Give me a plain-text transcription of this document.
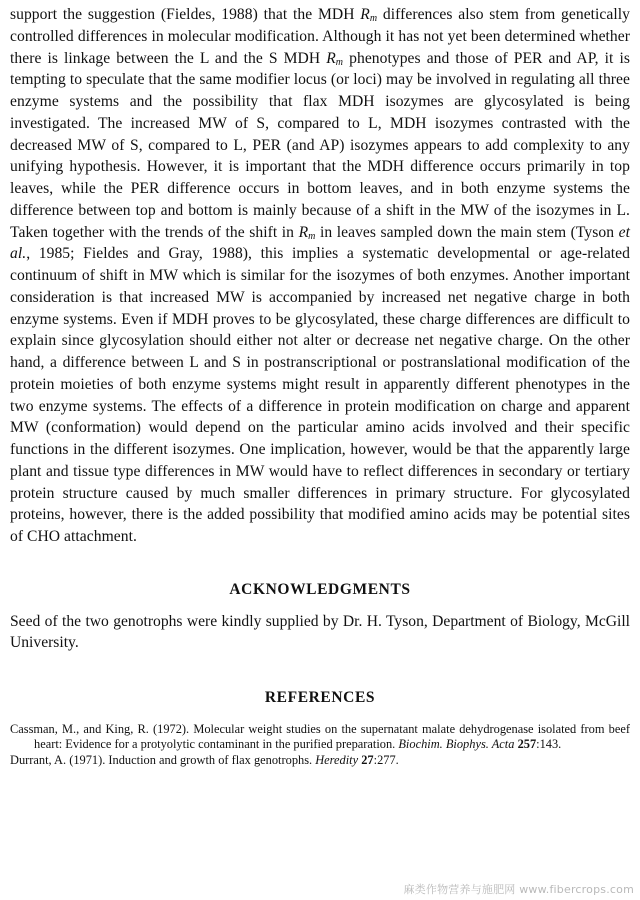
support the suggestion (Fieldes, 1988) that the MDH $R_m$ differences also stem from genetically controlled differences in molecular modification. Although it has not yet been determined whether there is linkage between the L and the S MDH $R_m$ phenotypes and those of PER and AP, it is tempting to speculate that the same modifier locus (or loci) may be involved in regulating all three enzyme systems and the possibility that flax MDH isozymes are glycosylated is being investigated. The increased MW of S, compared to L, MDH isozymes contrasted with the decreased MW of S, compared to L, PER (and AP) isozymes appears to add complexity to any unifying hypothesis. However, it is important that the MDH difference occurs primarily in top leaves, while the PER difference occurs in bottom leaves, and in both enzyme systems the difference between top and bottom is mainly because of a shift in the MW of the isozymes in L. Taken together with the trends of the shift in $R_m$ in leaves sampled down the main stem (Tyson et al., 1985; Fieldes and Gray, 1988), this implies a systematic developmental or age-related continuum of shift in MW which is similar for the isozymes of both enzymes. Another important consideration is that increased MW is accompanied by increased net negative charge in both enzyme systems. Even if MDH proves to be glycosylated, these charge differences are difficult to explain since glycosylation should either not alter or decrease net negative charge. On the other hand, a difference between L and S in postranscriptional or postranslational modification of the protein moieties of both enzyme systems might result in apparently different phenotypes in the two enzyme systems. The effects of a difference in protein modification on charge and apparent MW (conformation) would depend on the particular amino acids involved and their specific functions in the different isozymes. One implication, however, would be that the apparently large plant and tissue type differences in MW would have to reflect differences in secondary or tertiary protein structure caused by much smaller differences in primary structure. For glycosylated proteins, however, there is the added possibility that modified amino acids may be potential sites of CHO attachment.

ACKNOWLEDGMENTS

Seed of the two genotrophs were kindly supplied by Dr. H. Tyson, Department of Biology, McGill University.

REFERENCES

Cassman, M., and King, R. (1972). Molecular weight studies on the supernatant malate dehydrogenase isolated from beef heart: Evidence for a protyolytic contaminant in the purified preparation. Biochim. Biophys. Acta 257:143.

Durrant, A. (1971). Induction and growth of flax genotrophs. Heredity 27:277.

麻类作物营养与施肥网 www.fibercrops.com
